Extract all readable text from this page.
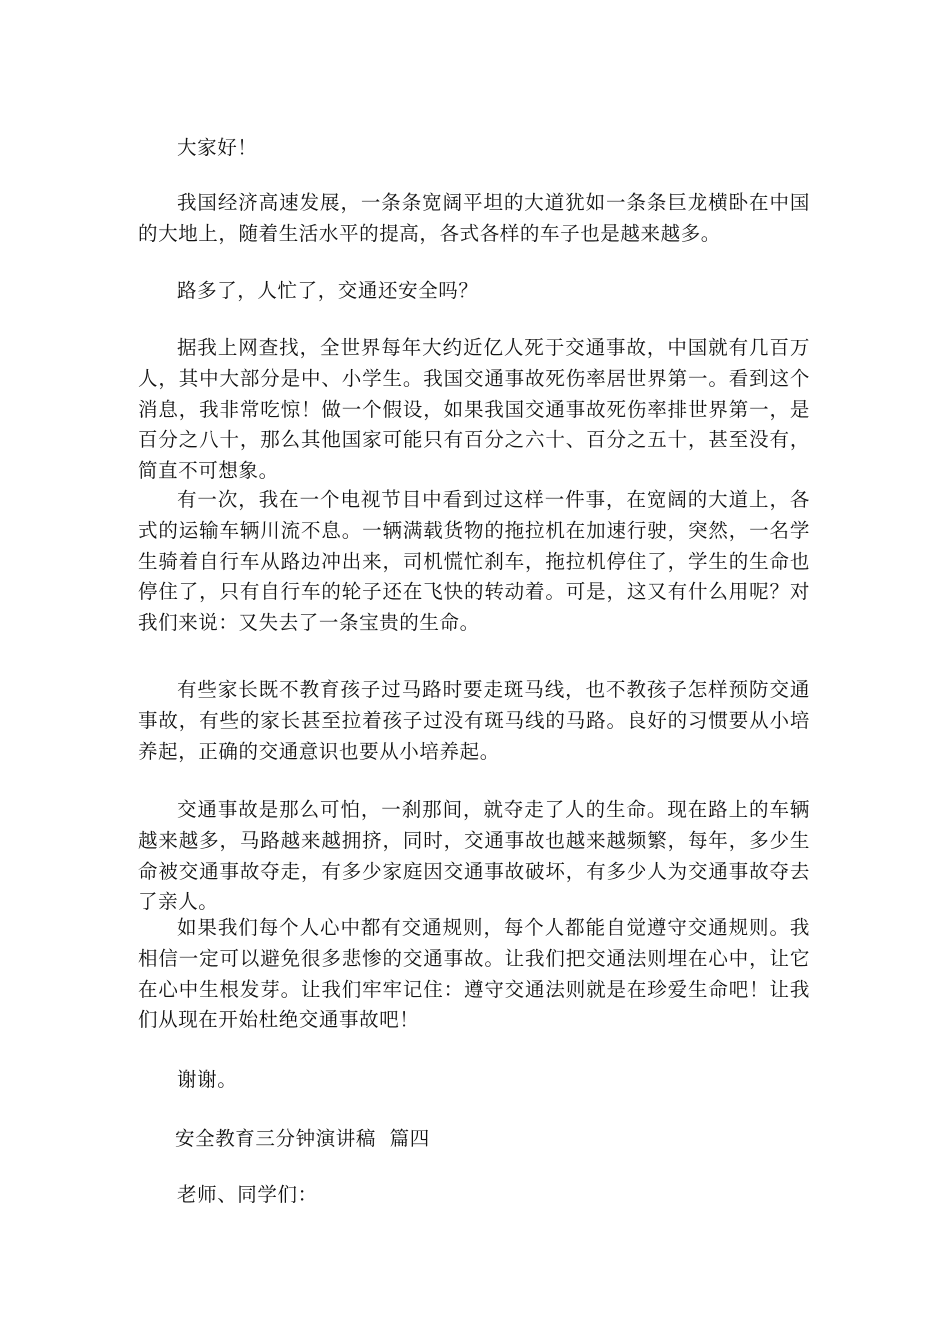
大家好！

我国经济高速发展，一条条宽阔平坦的大道犹如一条条巨龙横卧在中国的大地上，随着生活水平的提高，各式各样的车子也是越来越多。

路多了，人忙了，交通还安全吗？

据我上网查找，全世界每年大约近亿人死于交通事故，中国就有几百万人，其中大部分是中、小学生。我国交通事故死伤率居世界第一。看到这个消息，我非常吃惊！做一个假设，如果我国交通事故死伤率排世界第一，是百分之八十，那么其他国家可能只有百分之六十、百分之五十，甚至没有，简直不可想象。

有一次，我在一个电视节目中看到过这样一件事，在宽阔的大道上，各式的运输车辆川流不息。一辆满载货物的拖拉机在加速行驶，突然，一名学生骑着自行车从路边冲出来，司机慌忙刹车，拖拉机停住了，学生的生命也停住了，只有自行车的轮子还在飞快的转动着。可是，这又有什么用呢？对我们来说：又失去了一条宝贵的生命。

有些家长既不教育孩子过马路时要走斑马线，也不教孩子怎样预防交通事故，有些的家长甚至拉着孩子过没有斑马线的马路。良好的习惯要从小培养起，正确的交通意识也要从小培养起。

交通事故是那么可怕，一刹那间，就夺走了人的生命。现在路上的车辆越来越多，马路越来越拥挤，同时，交通事故也越来越频繁，每年，多少生命被交通事故夺走，有多少家庭因交通事故破坏，有多少人为交通事故夺去了亲人。

如果我们每个人心中都有交通规则，每个人都能自觉遵守交通规则。我相信一定可以避免很多悲惨的交通事故。让我们把交通法则埋在心中，让它在心中生根发芽。让我们牢牢记住：遵守交通法则就是在珍爱生命吧！让我们从现在开始杜绝交通事故吧！

谢谢。

安全教育三分钟演讲稿  篇四

老师、同学们：
